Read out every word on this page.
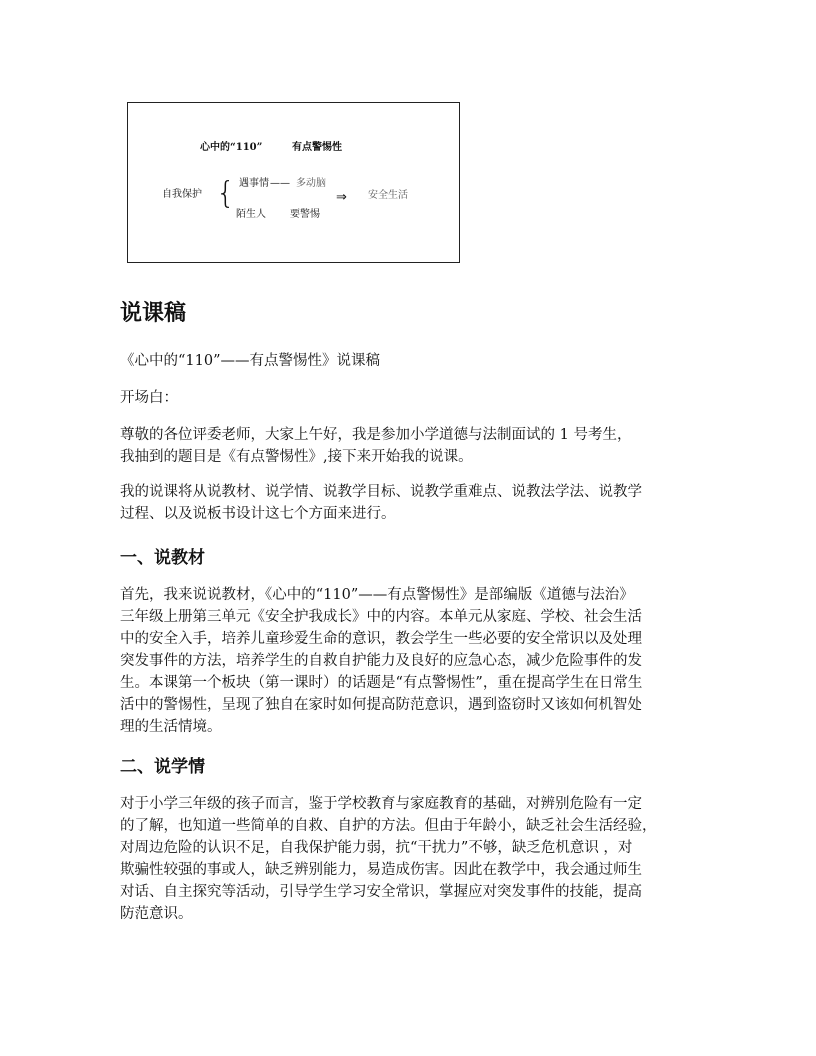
心中的“110”	有点警惕性
自我保护 { 遇事情 —— 多动脑
陌生人 要警惕
⇒ 安全生活
说课稿

《心中的“110”——有点警惕性》说课稿

开场白：

尊敬的各位评委老师，大家上午好，我是参加小学道德与法制面试的 1 号考生，
我抽到的题目是《有点警惕性》,接下来开始我的说课。

我的说课将从说教材、说学情、说教学目标、说教学重难点、说教法学法、说教学
过程、以及说板书设计这七个方面来进行。

一、说教材

首先，我来说说教材，《心中的“110”——有点警惕性》是部编版《道德与法治》
三年级上册第三单元《安全护我成长》中的内容。本单元从家庭、学校、社会生活
中的安全入手，培养儿童珍爱生命的意识，教会学生一些必要的安全常识以及处理
突发事件的方法，培养学生的自救自护能力及良好的应急心态，减少危险事件的发
生。本课第一个板块（第一课时）的话题是“有点警惕性”，重在提高学生在日常生
活中的警惕性，呈现了独自在家时如何提高防范意识，遇到盗窃时又该如何机智处
理的生活情境。

二、说学情

对于小学三年级的孩子而言，鉴于学校教育与家庭教育的基础，对辨别危险有一定
的了解，也知道一些简单的自救、自护的方法。但由于年龄小，缺乏社会生活经验，
对周边危险的认识不足，自我保护能力弱，抗“干扰力”不够，缺乏危机意识 ，对
欺骗性较强的事或人，缺乏辨别能力，易造成伤害。因此在教学中，我会通过师生
对话、自主探究等活动，引导学生学习安全常识，掌握应对突发事件的技能，提高
防范意识。
